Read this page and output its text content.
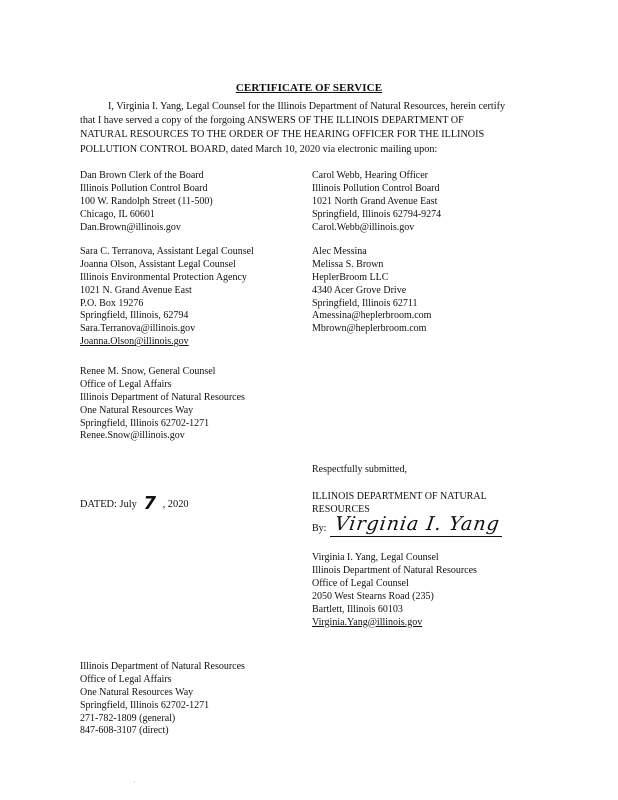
CERTIFICATE OF SERVICE
I, Virginia I. Yang, Legal Counsel for the Illinois Department of Natural Resources, herein certify
that I have served a copy of the forgoing ANSWERS OF THE ILLINOIS DEPARTMENT OF
NATURAL RESOURCES TO THE ORDER OF THE HEARING OFFICER FOR THE ILLINOIS
POLLUTION CONTROL BOARD, dated March 10, 2020 via electronic mailing upon:
Dan Brown Clerk of the Board
Illinois Pollution Control Board
100 W. Randolph Street (11-500)
Chicago, IL 60601
Dan.Brown@illinois.gov
Carol Webb, Hearing Officer
Illinois Pollution Control Board
1021 North Grand Avenue East
Springfield, Illinois 62794-9274
Carol.Webb@illinois.gov
Sara C. Terranova, Assistant Legal Counsel
Joanna Olson, Assistant Legal Counsel
Illinois Environmental Protection Agency
1021 N. Grand Avenue East
P.O. Box 19276
Springfield, Illinois, 62794
Sara.Terranova@illinois.gov
Joanna.Olson@illinois.gov
Alec Messina
Melissa S. Brown
HeplerBroom LLC
4340 Acer Grove Drive
Springfield, Illinois 62711
Amessina@heplerbroom.com
Mbrown@heplerbroom.com
Renee M. Snow, General Counsel
Office of Legal Affairs
Illinois Department of Natural Resources
One Natural Resources Way
Springfield, Illinois 62702-1271
Renee.Snow@illinois.gov
Respectfully submitted,
DATED: July 7 , 2020
ILLINOIS DEPARTMENT OF NATURAL
RESOURCES
By: Virginia I. Yang
Virginia I. Yang, Legal Counsel
Illinois Department of Natural Resources
Office of Legal Counsel
2050 West Stearns Road (235)
Bartlett, Illinois 60103
Virginia.Yang@illinois.gov
Illinois Department of Natural Resources
Office of Legal Affairs
One Natural Resources Way
Springfield, Illinois 62702-1271
271-782-1809 (general)
847-608-3107 (direct)
·
